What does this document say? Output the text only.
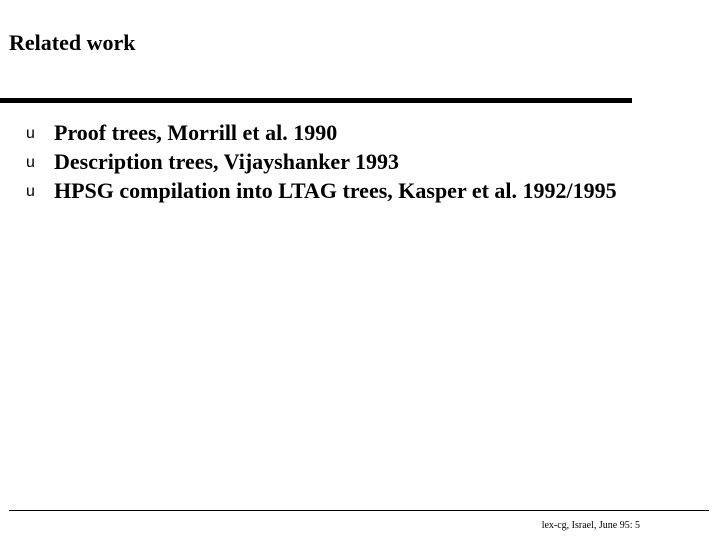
Related work
u Proof trees, Morrill et al. 1990
u Description trees, Vijayshanker 1993
u HPSG compilation into LTAG trees, Kasper et al. 1992/1995
lex-cg, Israel, June 95: 5
